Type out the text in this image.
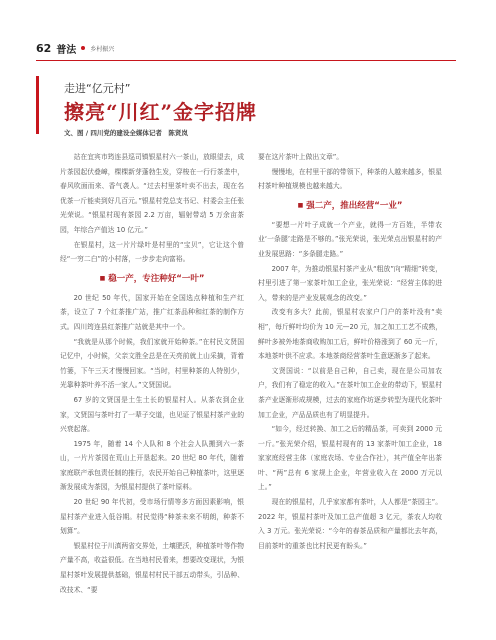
62 普法 乡村振兴
走进“亿元村”
擦亮“川红”金字招牌
文、图 / 四川党的建设全媒体记者　陈贤岚

站在宜宾市筠连县巡司镇银星村六一茶山，放眼望去，成片茶园起伏叠嶂，棵棵新芽蓬勃生发，穿梭在一行行茶垄中，春风吹面而来、香气袭人。“过去村里茶叶卖不出去，现在名优茶一斤能卖到好几百元。”银星村党总支书记、村委会主任张光荣说。“银星村现有茶园 2.2 万亩，辐射带动 5 万余亩茶园，年综合产值达 10 亿元。”

在银星村，这一片片绿叶是村里的“宝贝”，它让这个曾经“一穷二白”的小村落，一步步走向富裕。

■ 稳一产，专注种好“一叶”

20 世纪 50 年代，国家开始在全国选点种植和生产红茶，设立了 7 个红茶推广站，推广红茶品种和红茶的制作方式。四川筠连县红茶推广站就是其中一个。

“我就是从那个时候，我们家就开始种茶。”在村民文贤国记忆中，小时候，父亲文胜全总是在天亮前就上山采摘，背着竹篓，下午三天才慢慢回家。“当时，村里种茶的人特别少，光靠种茶叶养不活一家人。”文贤国说。

67 岁的文贤国是土生土长的银星村人。从茶农到企业家，文贤国与茶叶打了一辈子交道，也见证了银星村茶产业的兴衰起落。

1975 年，随着 14 个人队和 8 个社会人队搬到六一茶山，一片片茶园在荒山上开垦起来。20 世纪 80 年代，随着家庭联产承包责任制的推行，农民开始自己种植茶叶，这里逐渐发展成为茶园，为银星村提供了茶叶原料。

20 世纪 90 年代初，受市场行情等多方面因素影响，银星村茶产业进入低谷期。村民觉得“种茶未来不明朗，种茶不划算”。

银星村位于川滇两省交界处，土壤肥沃，种植茶叶等作物产量不高，收益很低。在当地村民看来，想要改变现状，为银星村茶叶发展提供基础，银星村村民干部五动带头，引品种、改技术、“要

要在这片茶叶上做出文章”。

慢慢地，在村里干部的带领下，种茶的人越来越多，银星村茶叶种植规模也越来越大。

■ 强二产，推出经营“一业”

“要想一片叶子成就一个产业，就得一方百姓，半带农业‘一条腿’走路是不够的。”张光荣说，张光荣点出银星村的产业发展思路：“多条腿走路。”

2007 年，为推动银星村茶产业从“粗放”向“精细”转变，村里引进了第一家茶叶加工企业，张光荣说：“经营主体的进入，带来的是产业发展观念的改变。”

改变有多大？此前，银星村农家户门户的茶叶没有“卖相”，每斤鲜叶均价为 10 元—20 元，加之加工工艺不成熟，鲜叶多被外地茶商收购加工后，鲜叶价格涨到了 60 元一斤，本地茶叶供不应求。本地茶商经营茶叶生意逐渐多了起来。

文贤国说：“以前是自己种，自己卖，现在是公司加农户，我们有了稳定的收入。”在茶叶加工企业的带动下，银星村茶产业逐渐形成规模，过去的家庭作坊逐步转型为现代化茶叶加工企业，产品品质也有了明显提升。

“如今，经过转换、加工之后的精品茶，可卖到 2000 元一斤。”张光荣介绍，银星村现有的 13 家茶叶加工企业，18 家家庭经营主体（家庭农场、专业合作社），其产值全年出茶叶、“两”总有 6 家规上企业，年营业收入在 2000 万元以上。”

现在的银星村，几乎家家都有茶叶，人人都是“茶园主”。2022 年，银星村茶叶及加工总产值超 3 亿元，茶农人均收入 3 万元。张光荣说：“今年的春茶品质和产量都比去年高，目前茶叶的重茶也比村民更有盼头。”
